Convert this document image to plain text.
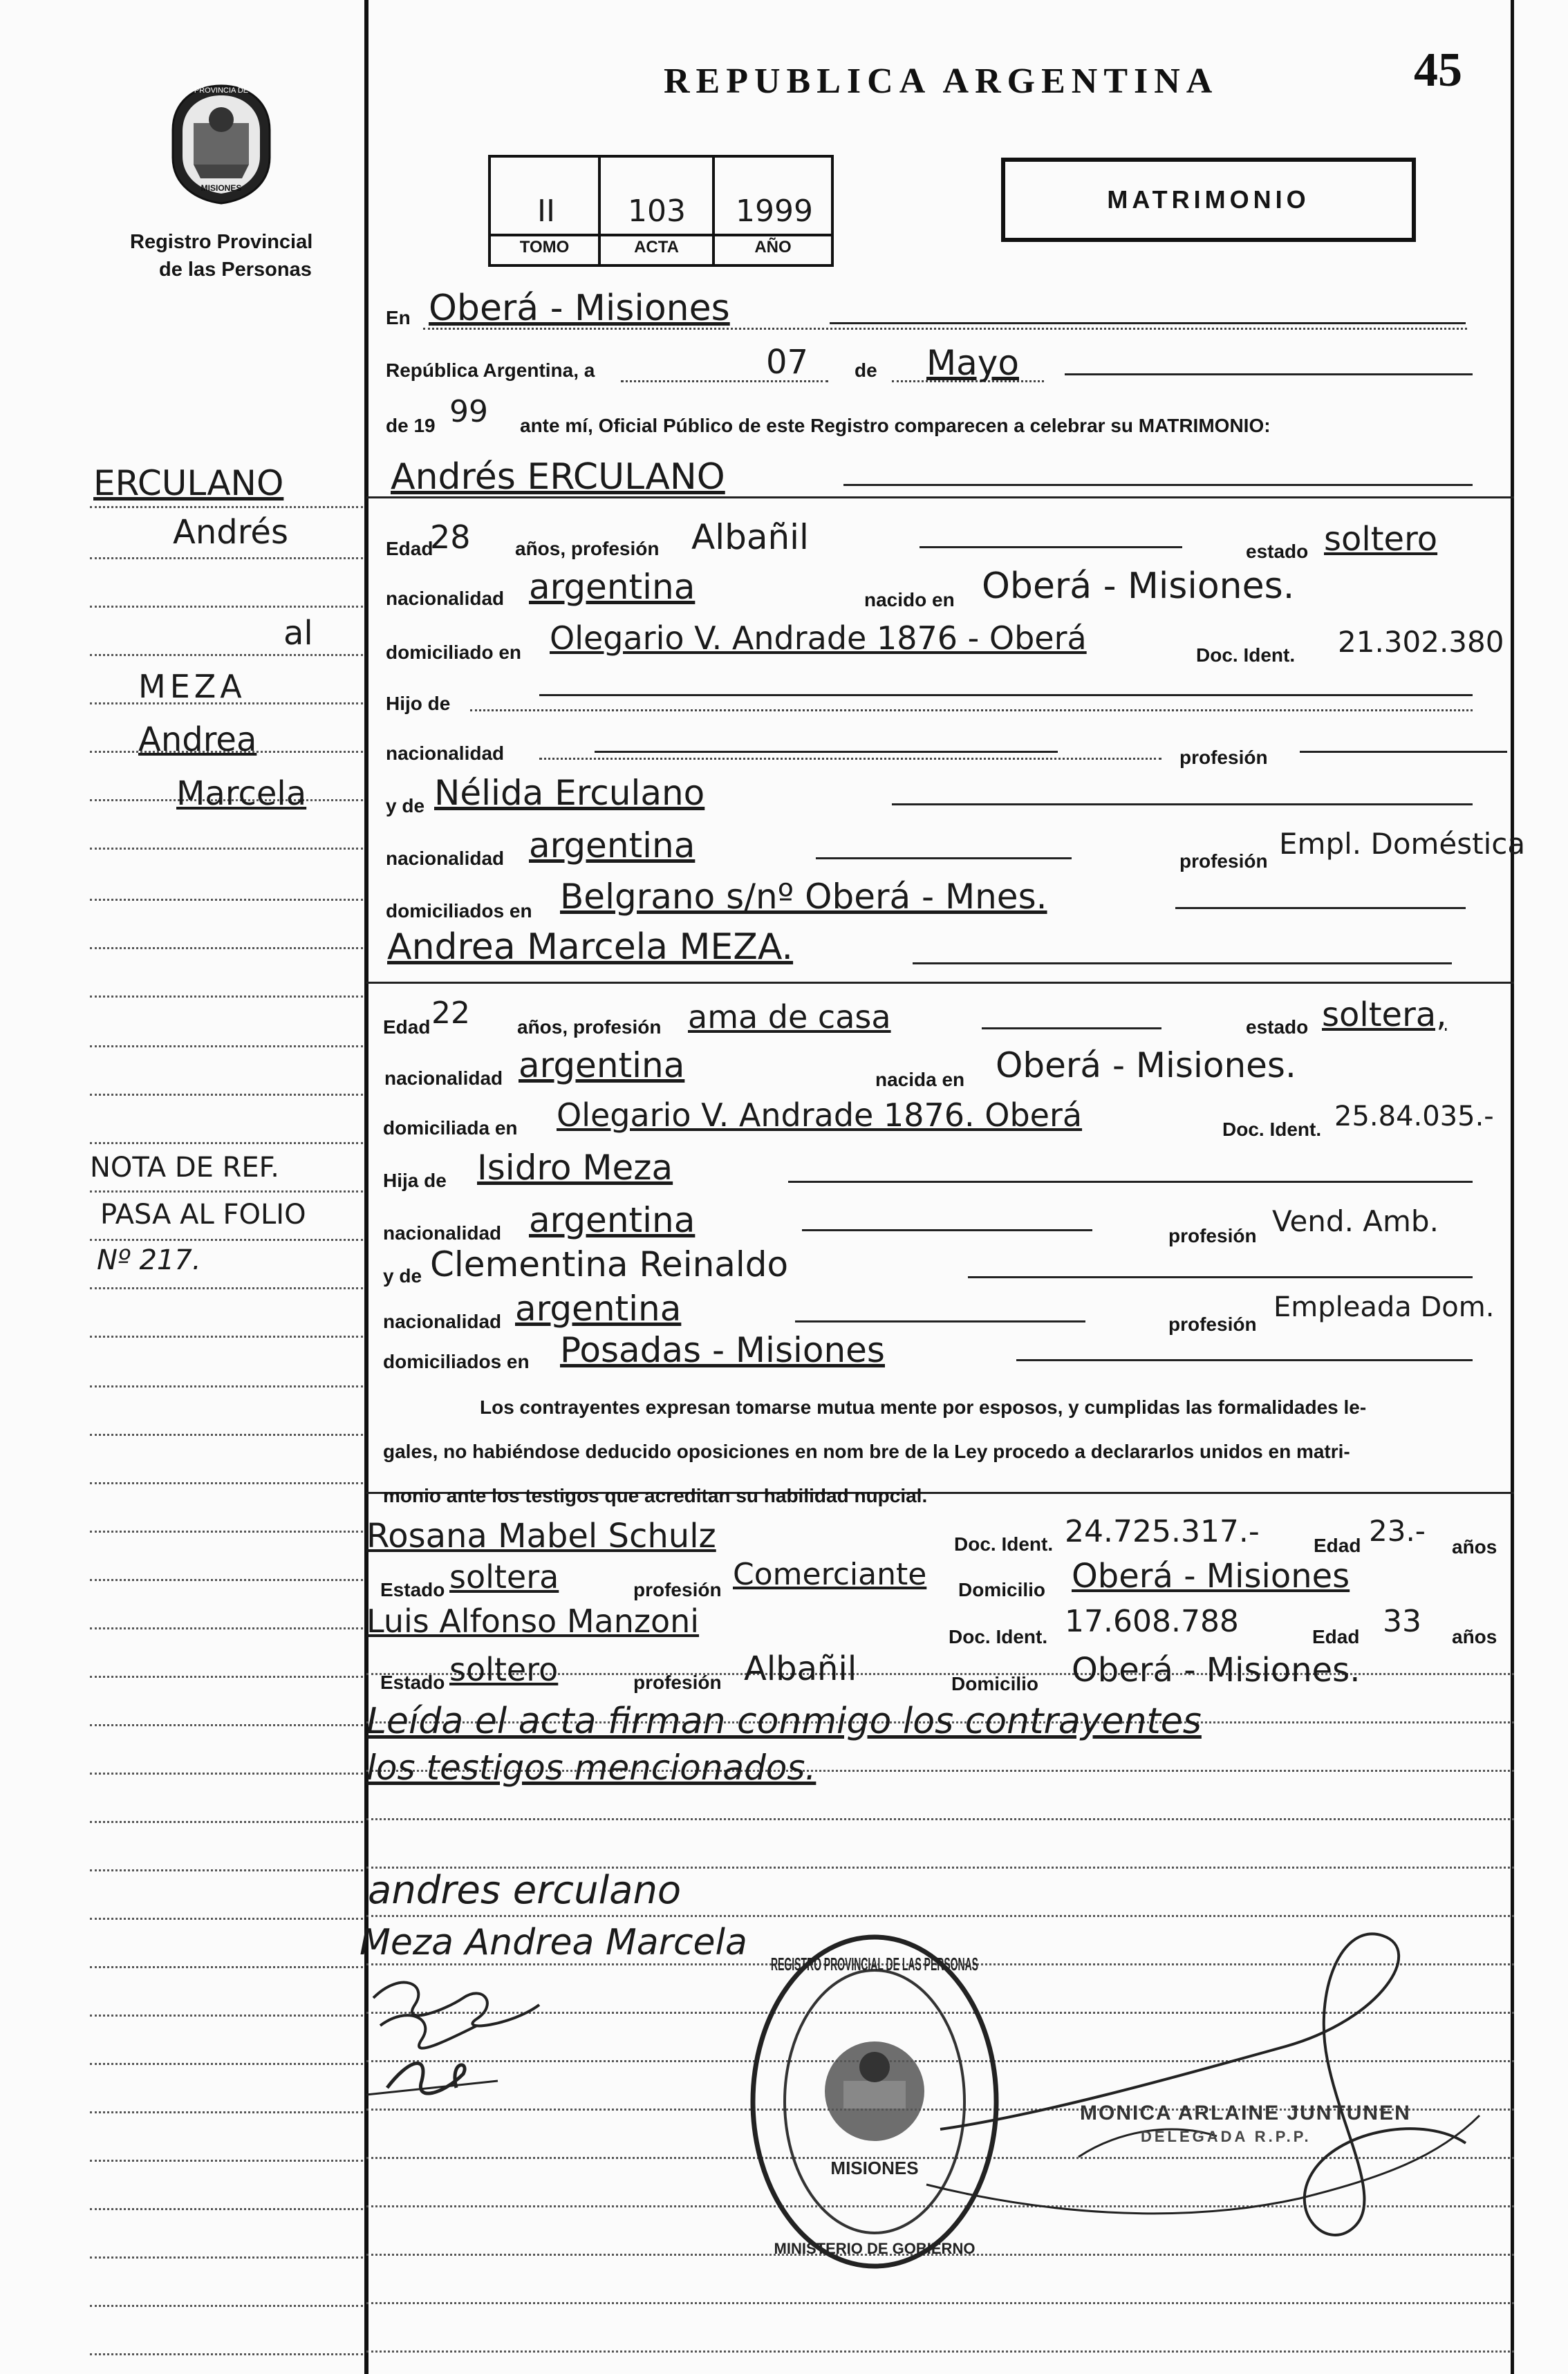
REPUBLICA ARGENTINA	45
PROVINCIA DE
MISIONES
Registro Provincial
de las Personas
II	103	1999
TOMO	ACTA	AÑO
MATRIMONIO
ERCULANO
Andrés
al
MEZA
Andrea
Marcela
NOTA DE REF.
PASA AL FOLIO
Nº 217.
En Oberá - Misiones
República Argentina, a	07 de Mayo
de 19 99 ante mí, Oficial Público de este Registro comparecen a celebrar su MATRIMONIO:
Andrés ERCULANO
Edad
28 años, profesión Albañil	estado soltero
nacionalidad argentina	nacido en Oberá - Misiones.
domiciliado en Olegario V. Andrade 1876 - Oberá	Doc. Ident. 21.302.380
Hijo de
nacionalidad	profesión
y de Nélida Erculano
nacionalidad argentina	profesión
Empl. Doméstica
domiciliados en Belgrano s/nº Oberá - Mnes.
Andrea Marcela MEZA.
Edad 22 años, profesión ama de casa	estado soltera,
nacionalidad argentina	nacida en Oberá - Misiones.
domiciliada en Olegario V. Andrade 1876. Oberá	Doc. Ident. 25.84.035.-
Hija de Isidro Meza
nacionalidad argentina	profesión Vend. Amb.
y de Clementina Reinaldo
nacionalidad argentina	profesión
Empleada Dom.
domiciliados en Posadas - Misiones
Los contrayentes expresan tomarse mutua mente por esposos, y cumplidas las formalidades le-
gales, no habiéndose deducido oposiciones en nom bre de la Ley procedo a declararlos unidos en matri-
monio ante los testigos que acreditan su habilidad nupcial.
Rosana Mabel Schulz	Doc. Ident. 24.725.317.-	Edad 23.- años
Estado soltera	profesión Comerciante Domicilio Oberá - Misiones
Luis Alfonso Manzoni	Doc. Ident. 17.608.788	Edad 33 años
Estado soltero	profesión Albañil	Domicilio Oberá - Misiones.
Leída el acta firman conmigo los contrayentes
los testigos mencionados.
andres erculano
Meza Andrea Marcela
REGISTRO PROVINCIAL DE LAS PERSONAS
MISIONES
MINISTERIO DE GOBIERNO
MONICA ARLAINE JUNTUNEN
DELEGADA R.P.P.
